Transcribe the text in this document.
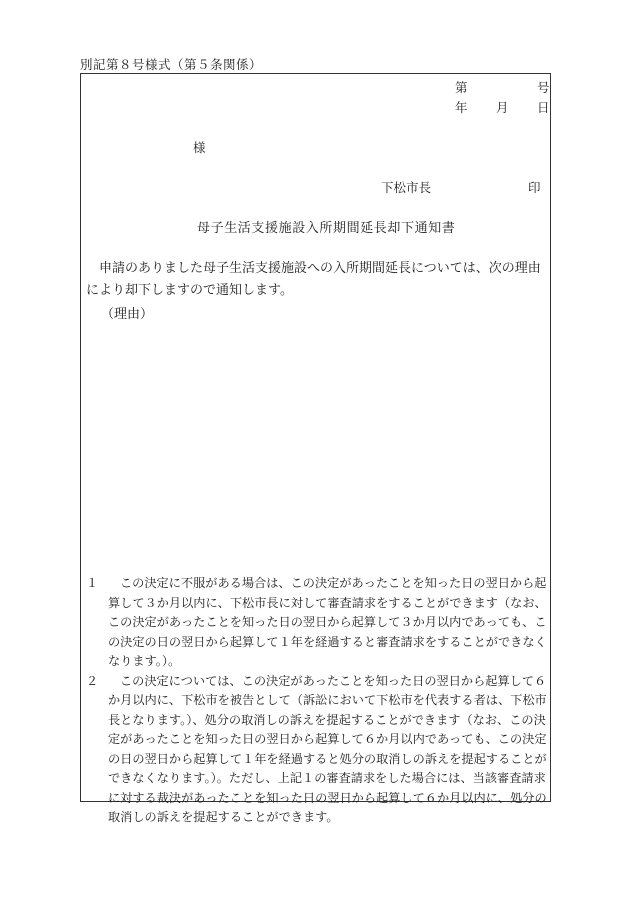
別記第８号様式（第５条関係）
第	号
年 月 日
様
下松市長	印
母子生活支援施設入所期間延長却下通知書
申請のありました母子生活支援施設への入所期間延長については、次の理由により却下しますので通知します。
（理由）
１	この決定に不服がある場合は、この決定があったことを知った日の翌日から起算して３か月以内に、下松市長に対して審査請求をすることができます（なお、この決定があったことを知った日の翌日から起算して３か月以内であっても、この決定の日の翌日から起算して１年を経過すると審査請求をすることができなくなります。）。
２	この決定については、この決定があったことを知った日の翌日から起算して６か月以内に、下松市を被告として（訴訟において下松市を代表する者は、下松市長となります。）、処分の取消しの訴えを提起することができます（なお、この決定があったことを知った日の翌日から起算して６か月以内であっても、この決定の日の翌日から起算して１年を経過すると処分の取消しの訴えを提起することができなくなります。）。ただし、上記１の審査請求をした場合には、当該審査請求に対する裁決があったことを知った日の翌日から起算して６か月以内に、処分の取消しの訴えを提起することができます。
